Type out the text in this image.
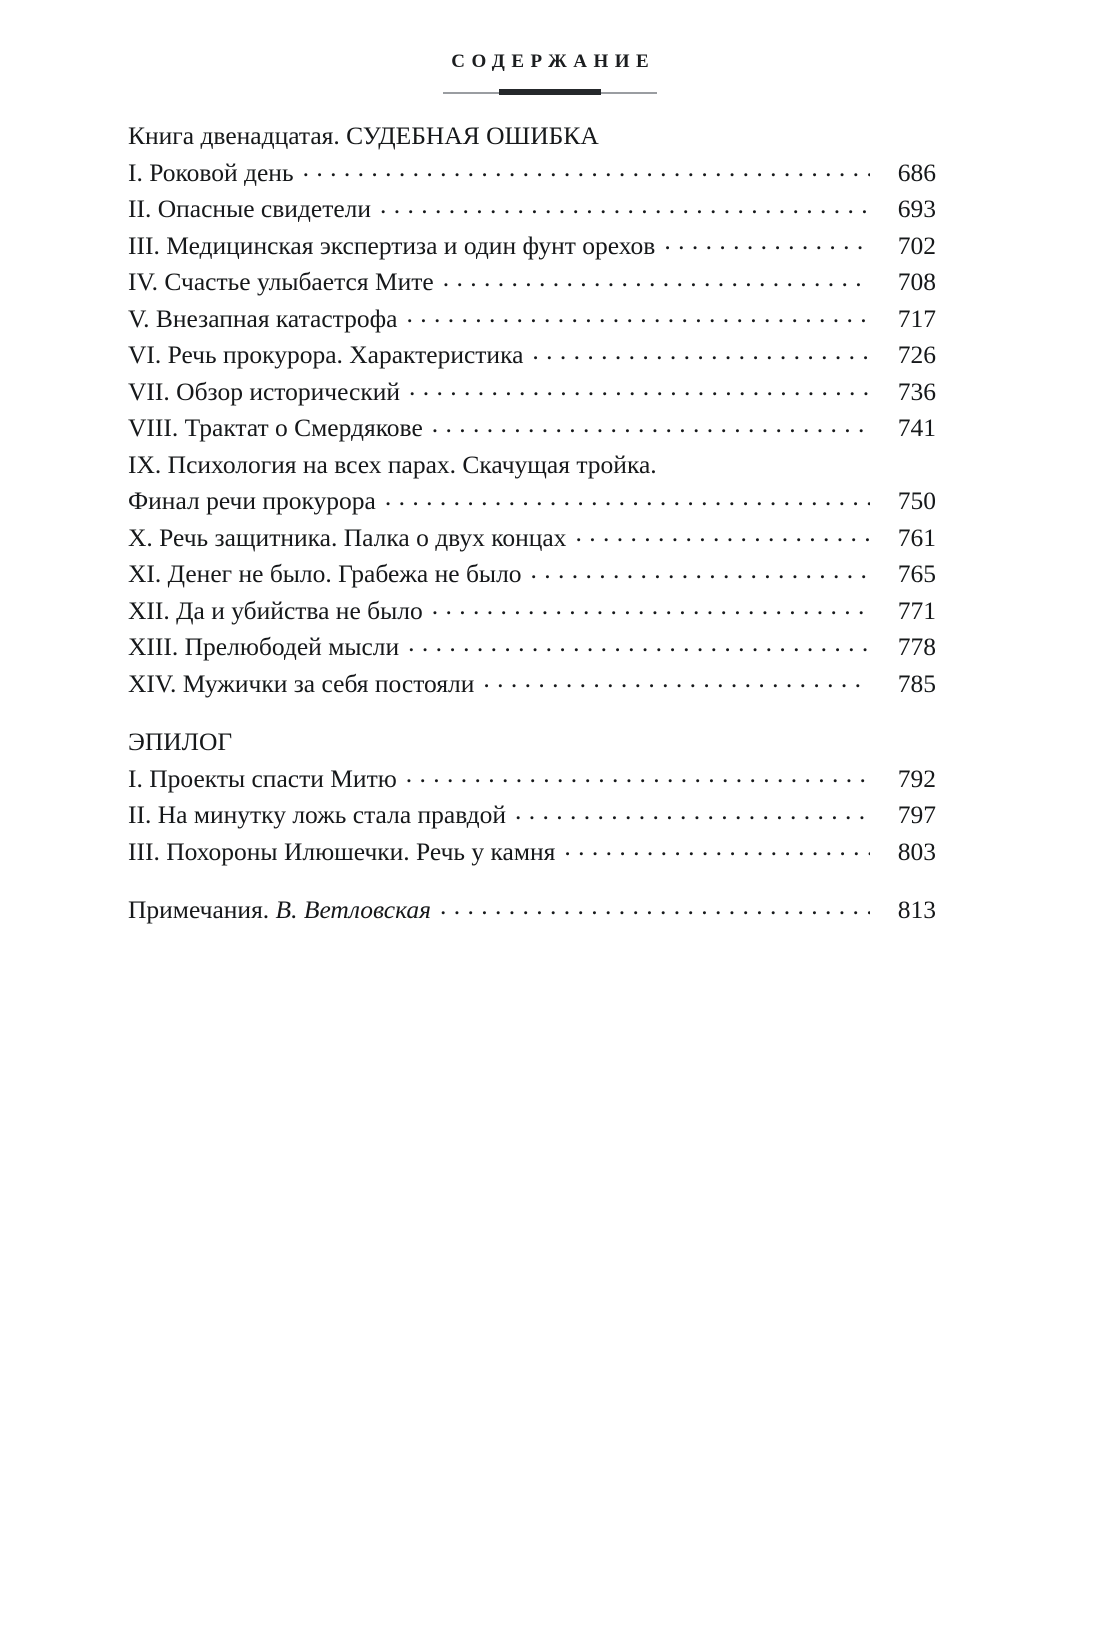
СОДЕРЖАНИЕ
Книга двенадцатая. СУДЕБНАЯ ОШИБКА
I. Роковой день . . .	686
II. Опасные свидетели . . .	693
III. Медицинская экспертиза и один фунт орехов . . .	702
IV. Счастье улыбается Мите . . .	708
V. Внезапная катастрофа . . .	717
VI. Речь прокурора. Характеристика . . .	726
VII. Обзор исторический . . .	736
VIII. Трактат о Смердякове . . .	741
IX. Психология на всех парах. Скачущая тройка.
Финал речи прокурора . . .	750
X. Речь защитника. Палка о двух концах . . .	761
XI. Денег не было. Грабежа не было . . .	765
XII. Да и убийства не было . . .	771
XIII. Прелюбодей мысли . . .	778
XIV. Мужички за себя постояли . . .	785
ЭПИЛОГ
I. Проекты спасти Митю . . .	792
II. На минутку ложь стала правдой . . .	797
III. Похороны Илюшечки. Речь у камня . . .	803
Примечания. В. Ветловская . . .	813
